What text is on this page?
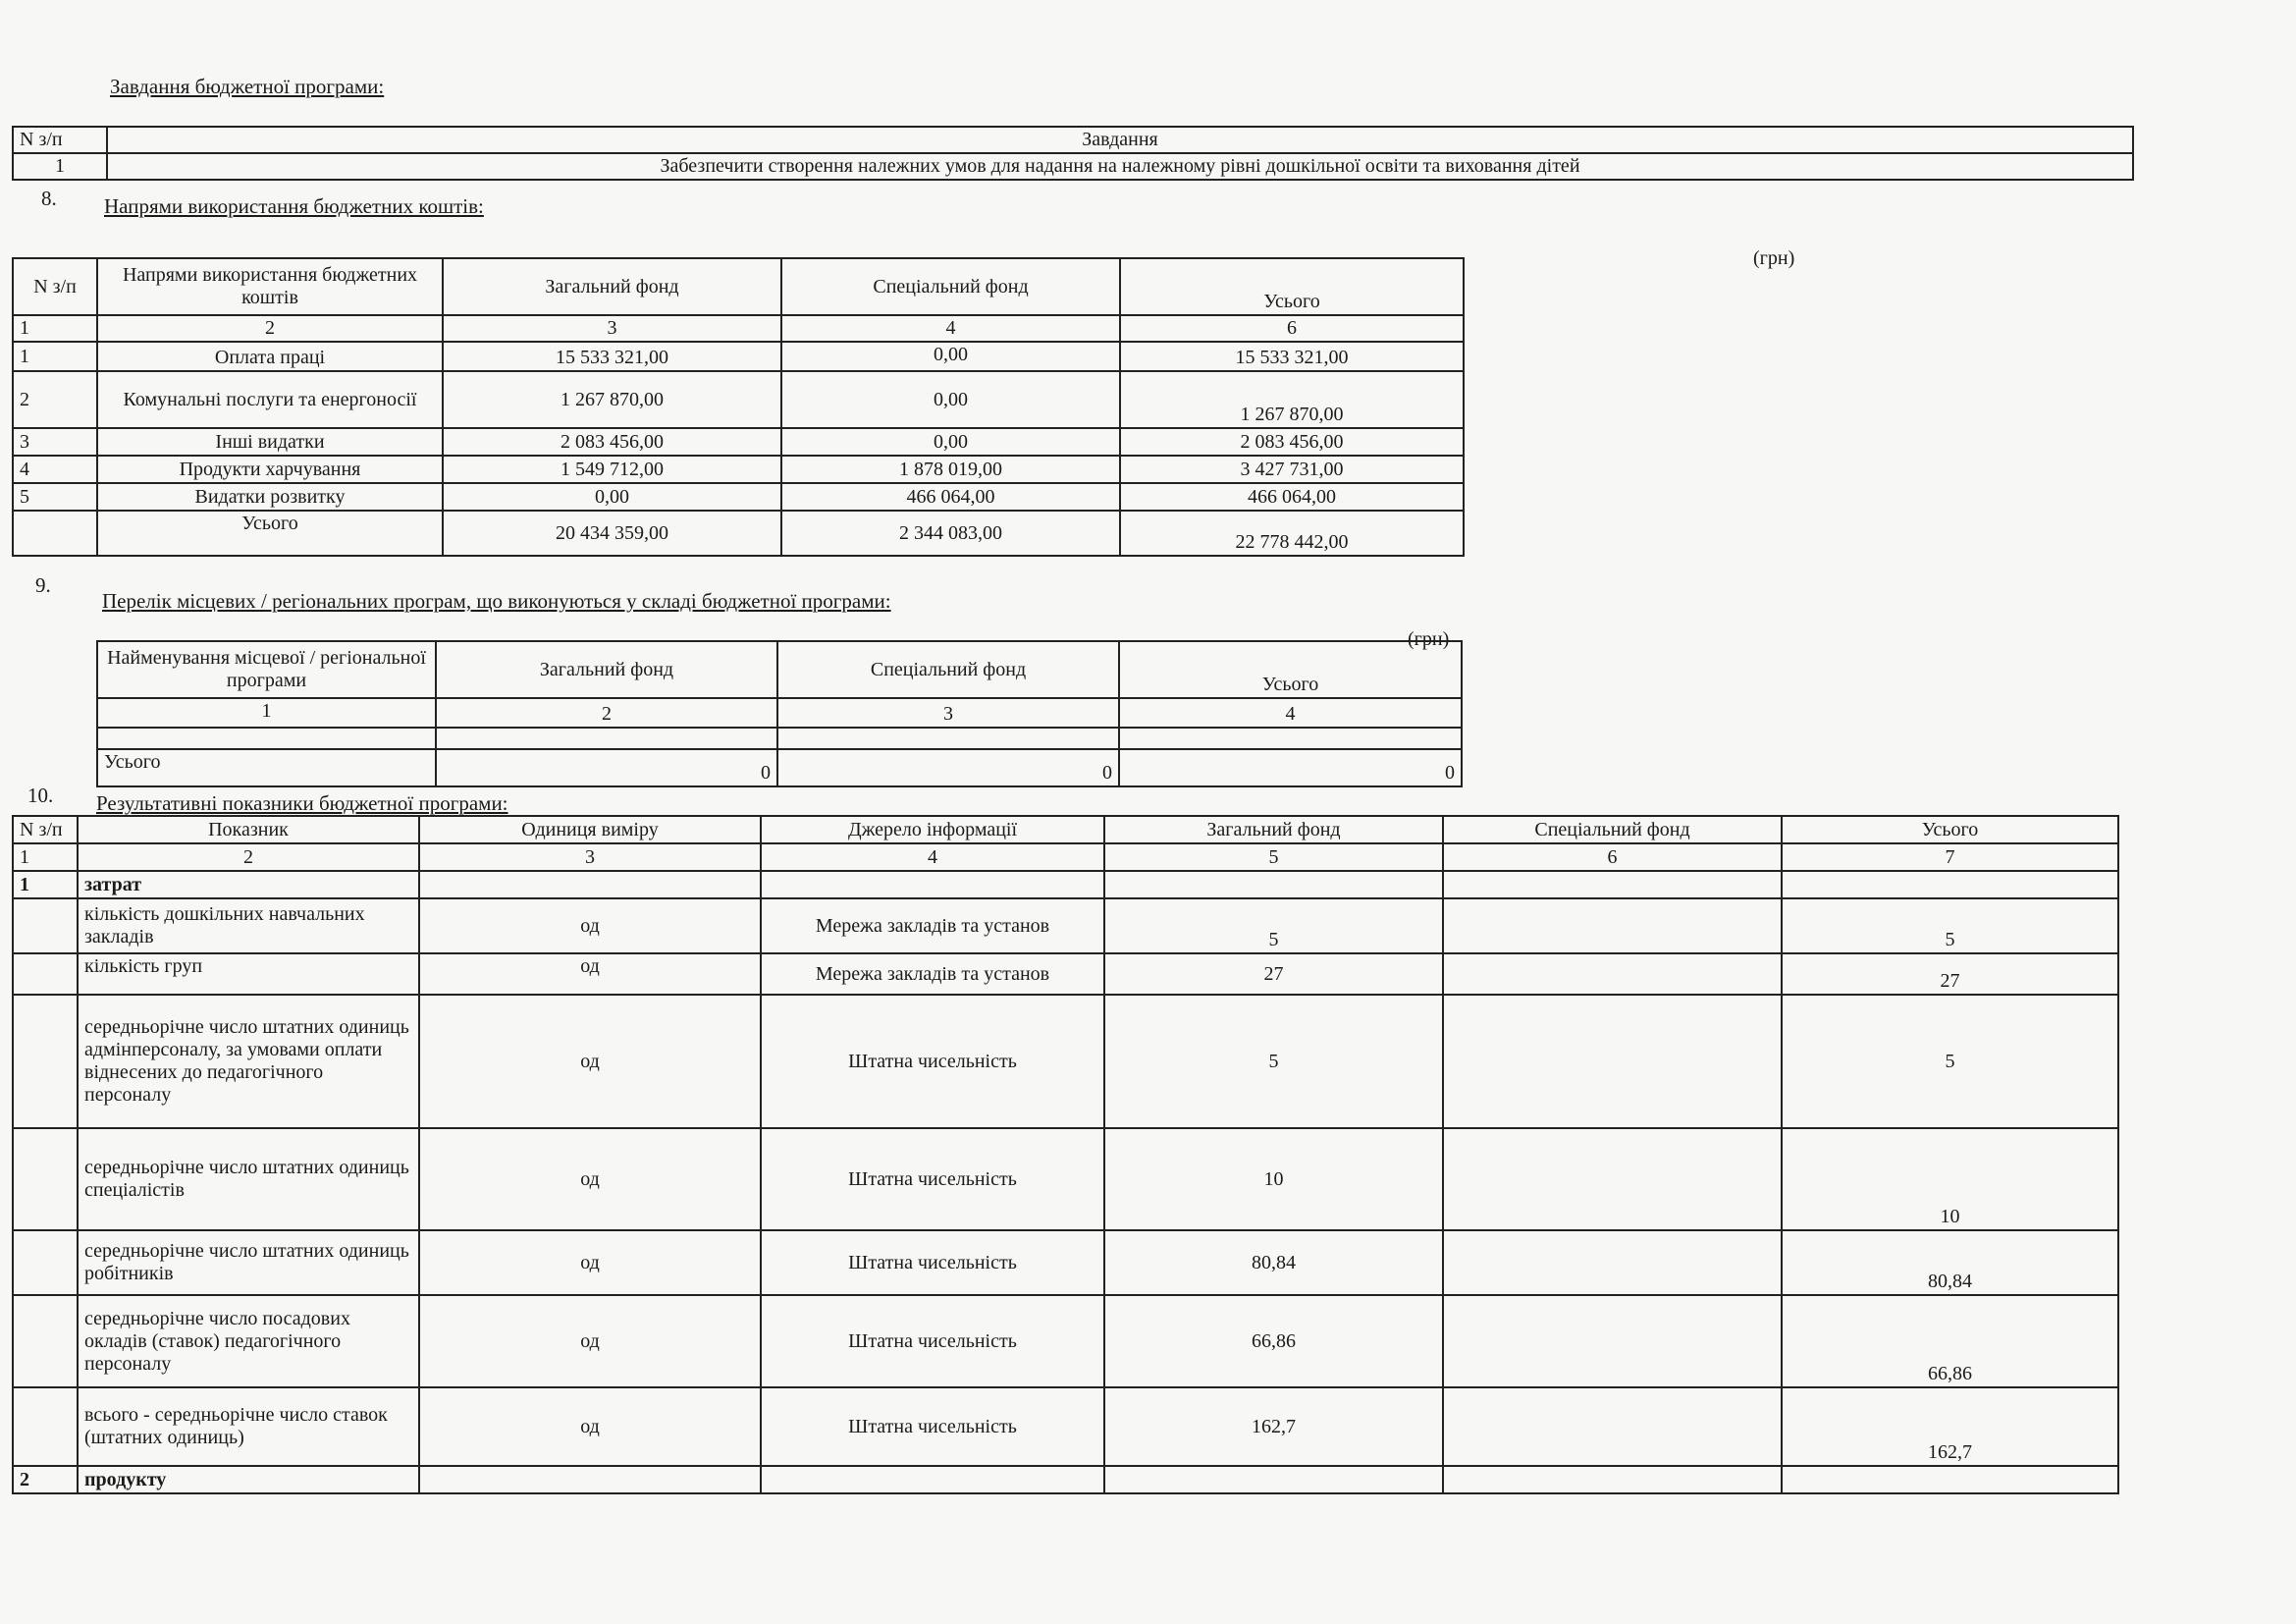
Завдання бюджетної програми:
N з/п	Завдання
1	Забезпечити створення належних умов для надання на належному рівні дошкільної освіти та виховання дітей
8. Напрями використання бюджетних коштів:
(грн)
N з/п	Напрями використання бюджетних коштів	Загальний фонд	Спеціальний фонд	Усього
1	2	3	4	6
1	Оплата праці	15 533 321,00	0,00	15 533 321,00
2	Комунальні послуги та енергоносії	1 267 870,00	0,00	1 267 870,00
3	Інші видатки	2 083 456,00	0,00	2 083 456,00
4	Продукти харчування	1 549 712,00	1 878 019,00	3 427 731,00
5	Видатки розвитку	0,00	466 064,00	466 064,00
	Усього	20 434 359,00	2 344 083,00	22 778 442,00
9.
Перелік місцевих / регіональних програм, що виконуються у складі бюджетної програми:
(грн)
Найменування місцевої / регіональної програми	Загальний фонд	Спеціальний фонд	Усього
1	2	3	4

Усього	0	0	0
10. Результативні показники бюджетної програми:
N з/п	Показник	Одиниця виміру	Джерело інформації	Загальний фонд	Спеціальний фонд	Усього
1	2	3	4	5	6	7
1	затрат					
	кількість дошкільних навчальних закладів	од	Мережа закладів та установ	5		5
	кількість груп	од	Мережа закладів та установ	27		27
	середньорічне число штатних одиниць адмінперсоналу, за умовами оплати віднесених до педагогічного персоналу	од	Штатна чисельність	5		5
	середньорічне число штатних одиниць спеціалістів	од	Штатна чисельність	10		10
	середньорічне число штатних одиниць робітників	од	Штатна чисельність	80,84		80,84
	середньорічне число посадових окладів (ставок) педагогічного персоналу	од	Штатна чисельність	66,86		66,86
	всього - середньорічне число ставок (штатних одиниць)	од	Штатна чисельність	162,7		162,7
2	продукту					
